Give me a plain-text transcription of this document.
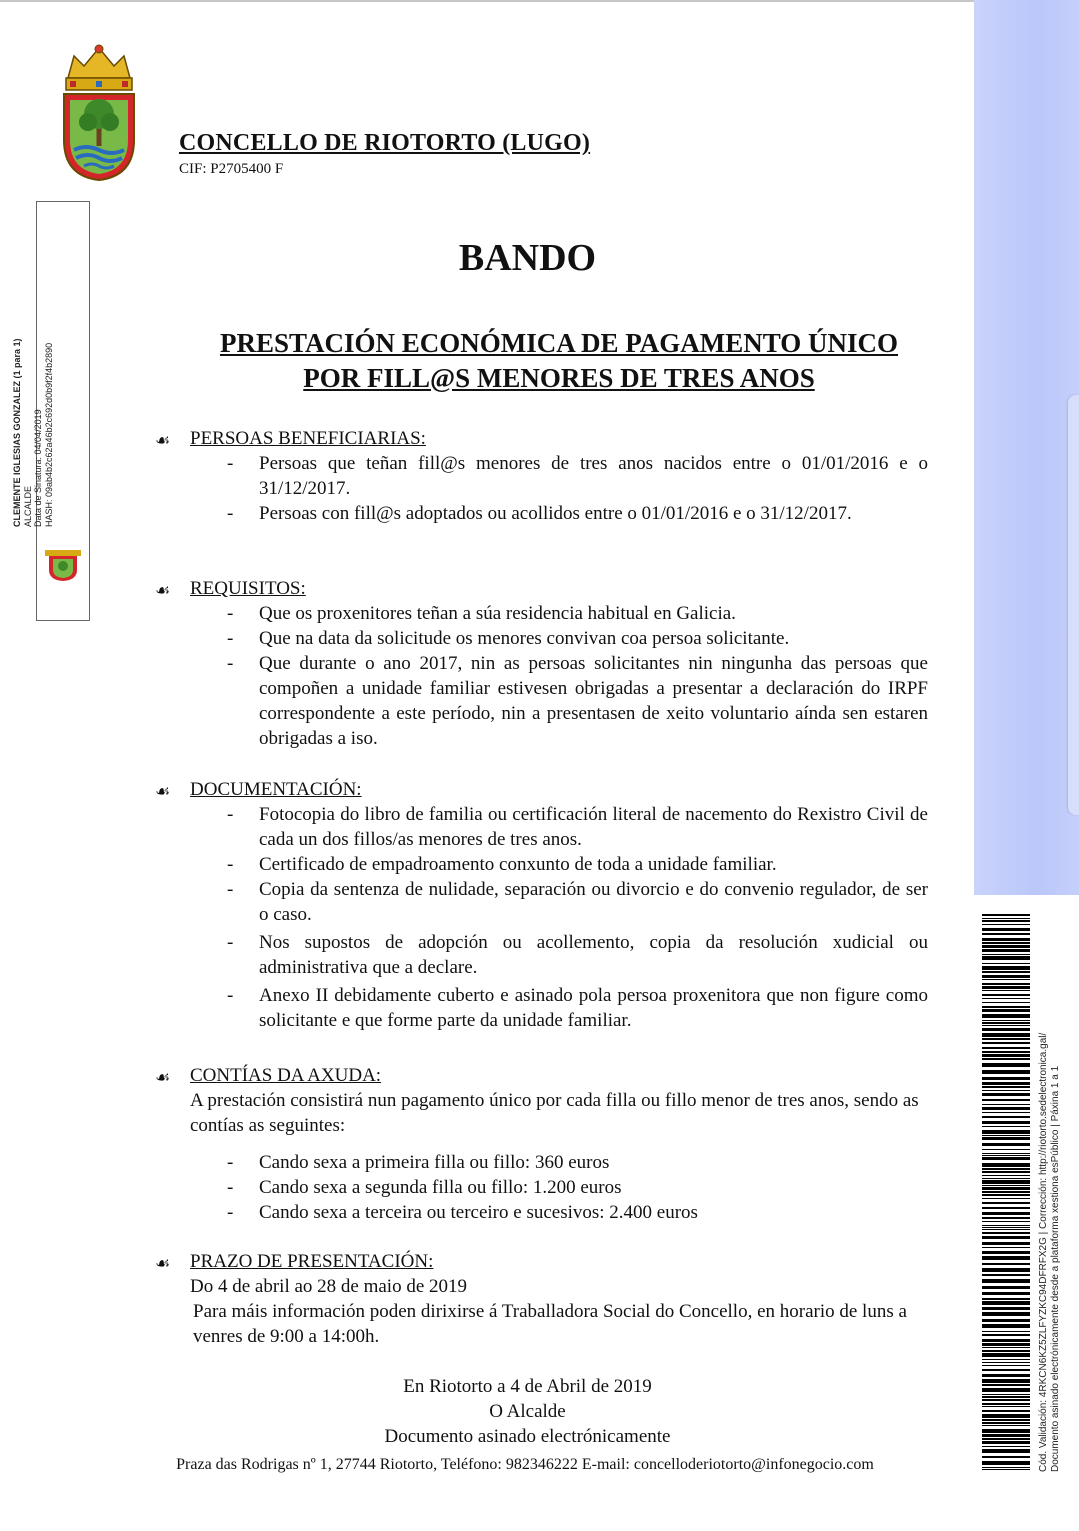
CONCELLO DE RIOTORTO (LUGO)
CIF: P2705400 F
CLEMENTE IGLESIAS GONZALEZ (1 para 1) ALCALDE Data de Sinatura: 04/04/2019 HASH: 09ab4b2c62a46b2c692d0b9f2f4b2890
BANDO
PRESTACIÓN ECONÓMICA DE PAGAMENTO ÚNICO
POR FILL@S MENORES DE TRES ANOS
☙ PERSOAS BENEFICIARIAS:
- Persoas que teñan fill@s menores de tres anos nacidos entre o 01/01/2016 e o 31/12/2017.
- Persoas con fill@s adoptados ou acollidos entre o 01/01/2016 e o 31/12/2017.
☙ REQUISITOS:
- Que os proxenitores teñan a súa residencia habitual en Galicia.
- Que na data da solicitude os menores convivan coa persoa solicitante.
- Que durante o ano 2017, nin as persoas solicitantes nin ningunha das persoas que compoñen a unidade familiar estivesen obrigadas a presentar a declaración do IRPF correspondente a este período, nin a presentasen de xeito voluntario aínda sen estaren obrigadas a iso.
☙ DOCUMENTACIÓN:
- Fotocopia do libro de familia ou certificación literal de nacemento do Rexistro Civil de cada un dos fillos/as menores de tres anos.
- Certificado de empadroamento conxunto de toda a unidade familiar.
- Copia da sentenza de nulidade, separación ou divorcio e do convenio regulador, de ser o caso.
- Nos supostos de adopción ou acollemento, copia da resolución xudicial ou administrativa que a declare.
- Anexo II debidamente cuberto e asinado pola persoa proxenitora que non figure como solicitante e que forme parte da unidade familiar.
☙ CONTÍAS DA AXUDA:
A prestación consistirá nun pagamento único por cada filla ou fillo menor de tres anos, sendo as contías as seguintes:
- Cando sexa a primeira filla ou fillo: 360 euros
- Cando sexa a segunda filla ou fillo: 1.200 euros
- Cando sexa a terceira ou terceiro e sucesivos: 2.400 euros
☙ PRAZO DE PRESENTACIÓN:
Do 4 de abril ao 28 de maio de 2019
Para máis información poden dirixirse á Traballadora Social do Concello, en horario de luns a venres de 9:00 a 14:00h.
En Riotorto a 4 de Abril de 2019
O Alcalde
Documento asinado electrónicamente
Praza das Rodrigas nº 1, 27744 Riotorto, Teléfono: 982346222 E-mail: concelloderiotorto@infonegocio.com	Cód. Validación: 4RKCN6KZ5ZLFYZKC94DFRFX2G | Corrección: http://riotorto.sedelectronica.gal/ Documento asinado electrónicamente desde a plataforma xestiona esPúblico | Páxina 1 a 1
